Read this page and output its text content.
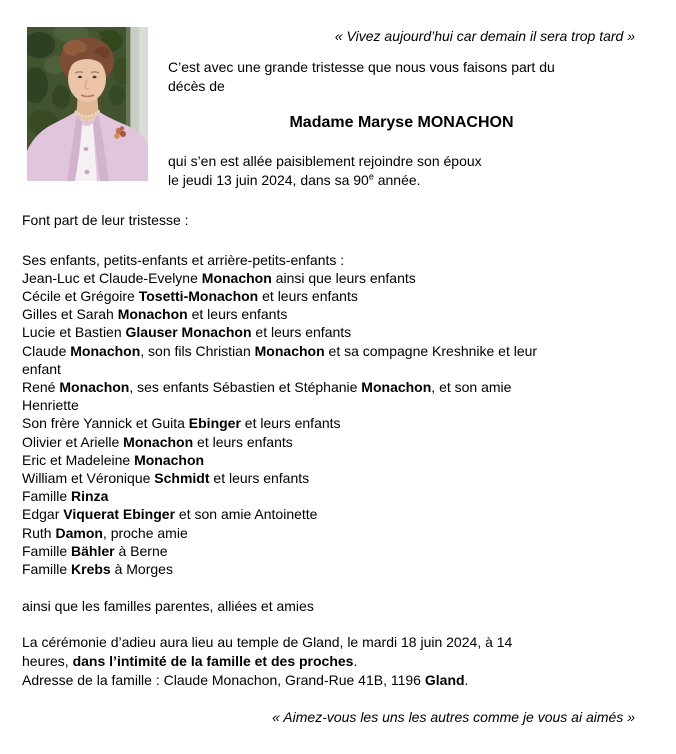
« Vivez aujourd’hui car demain il sera trop tard »
C’est avec une grande tristesse que nous vous faisons part du
décès de
Madame Maryse MONACHON
qui s’en est allée paisiblement rejoindre son époux
le jeudi 13 juin 2024, dans sa 90e année.
Font part de leur tristesse :
Ses enfants, petits-enfants et arrière-petits-enfants :
Jean-Luc et Claude-Evelyne Monachon ainsi que leurs enfants
Cécile et Grégoire Tosetti-Monachon et leurs enfants
Gilles et Sarah Monachon et leurs enfants
Lucie et Bastien Glauser Monachon et leurs enfants
Claude Monachon, son fils Christian Monachon et sa compagne Kreshnike et leur
enfant
René Monachon, ses enfants Sébastien et Stéphanie Monachon, et son amie
Henriette
Son frère Yannick et Guita Ebinger et leurs enfants
Olivier et Arielle Monachon et leurs enfants
Eric et Madeleine Monachon
William et Véronique Schmidt et leurs enfants
Famille Rinza
Edgar Viquerat Ebinger et son amie Antoinette
Ruth Damon, proche amie
Famille Bähler à Berne
Famille Krebs à Morges
ainsi que les familles parentes, alliées et amies
La cérémonie d’adieu aura lieu au temple de Gland, le mardi 18 juin 2024, à 14
heures, dans l’intimité de la famille et des proches.
Adresse de la famille : Claude Monachon, Grand-Rue 41B, 1196 Gland.
« Aimez-vous les uns les autres comme je vous ai aimés »
